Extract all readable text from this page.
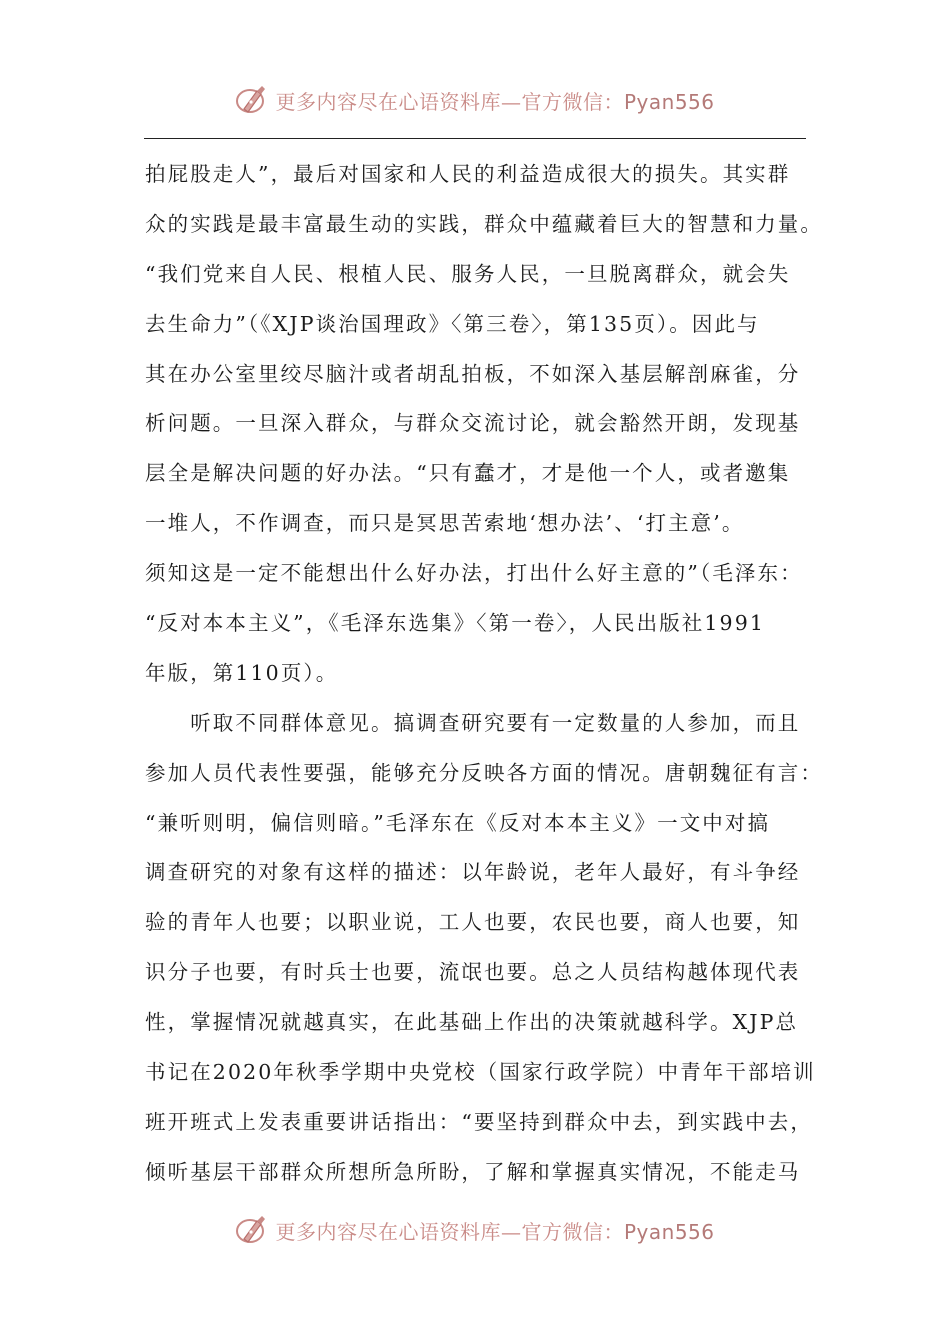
更多内容尽在心语资料库—官方微信：Pyan556
拍屁股走人”，最后对国家和人民的利益造成很大的损失。其实群
众的实践是最丰富最生动的实践，群众中蕴藏着巨大的智慧和力量。
“我们党来自人民、根植人民、服务人民，一旦脱离群众，就会失
去生命力”（《XJP谈治国理政》〈第三卷〉，第135页）。因此与
其在办公室里绞尽脑汁或者胡乱拍板，不如深入基层解剖麻雀，分
析问题。一旦深入群众，与群众交流讨论，就会豁然开朗，发现基
层全是解决问题的好办法。“只有蠢才，才是他一个人，或者邀集
一堆人，不作调查，而只是冥思苦索地‘想办法’、‘打主意’。
须知这是一定不能想出什么好办法，打出什么好主意的”（毛泽东：
“反对本本主义”，《毛泽东选集》〈第一卷〉，人民出版社1991
年版，第110页）。
　　听取不同群体意见。搞调查研究要有一定数量的人参加，而且
参加人员代表性要强，能够充分反映各方面的情况。唐朝魏征有言：
“兼听则明，偏信则暗。”毛泽东在《反对本本主义》一文中对搞
调查研究的对象有这样的描述：以年龄说，老年人最好，有斗争经
验的青年人也要；以职业说，工人也要，农民也要，商人也要，知
识分子也要，有时兵士也要，流氓也要。总之人员结构越体现代表
性，掌握情况就越真实，在此基础上作出的决策就越科学。XJP总
书记在2020年秋季学期中央党校（国家行政学院）中青年干部培训
班开班式上发表重要讲话指出：“要坚持到群众中去，到实践中去，
倾听基层干部群众所想所急所盼，了解和掌握真实情况，不能走马
更多内容尽在心语资料库—官方微信：Pyan556
